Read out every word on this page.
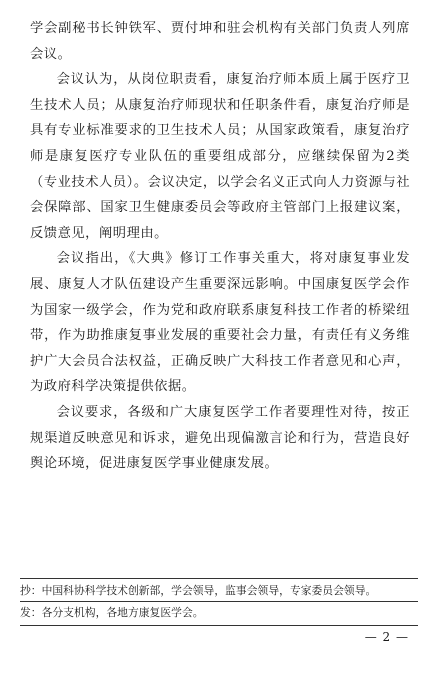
学会副秘书长钟铁军、贾付坤和驻会机构有关部门负责人列席会议。

会议认为，从岗位职责看，康复治疗师本质上属于医疗卫生技术人员；从康复治疗师现状和任职条件看，康复治疗师是具有专业标准要求的卫生技术人员；从国家政策看，康复治疗师是康复医疗专业队伍的重要组成部分，应继续保留为2类（专业技术人员）。会议决定，以学会名义正式向人力资源与社会保障部、国家卫生健康委员会等政府主管部门上报建议案，反馈意见，阐明理由。

会议指出，《大典》修订工作事关重大，将对康复事业发展、康复人才队伍建设产生重要深远影响。中国康复医学会作为国家一级学会，作为党和政府联系康复科技工作者的桥梁纽带，作为助推康复事业发展的重要社会力量，有责任有义务维护广大会员合法权益，正确反映广大科技工作者意见和心声，为政府科学决策提供依据。

会议要求，各级和广大康复医学工作者要理性对待，按正规渠道反映意见和诉求，避免出现偏激言论和行为，营造良好舆论环境，促进康复医学事业健康发展。

抄：中国科协科学技术创新部，学会领导，监事会领导，专家委员会领导。
发：各分支机构，各地方康复医学会。
— 2 —
